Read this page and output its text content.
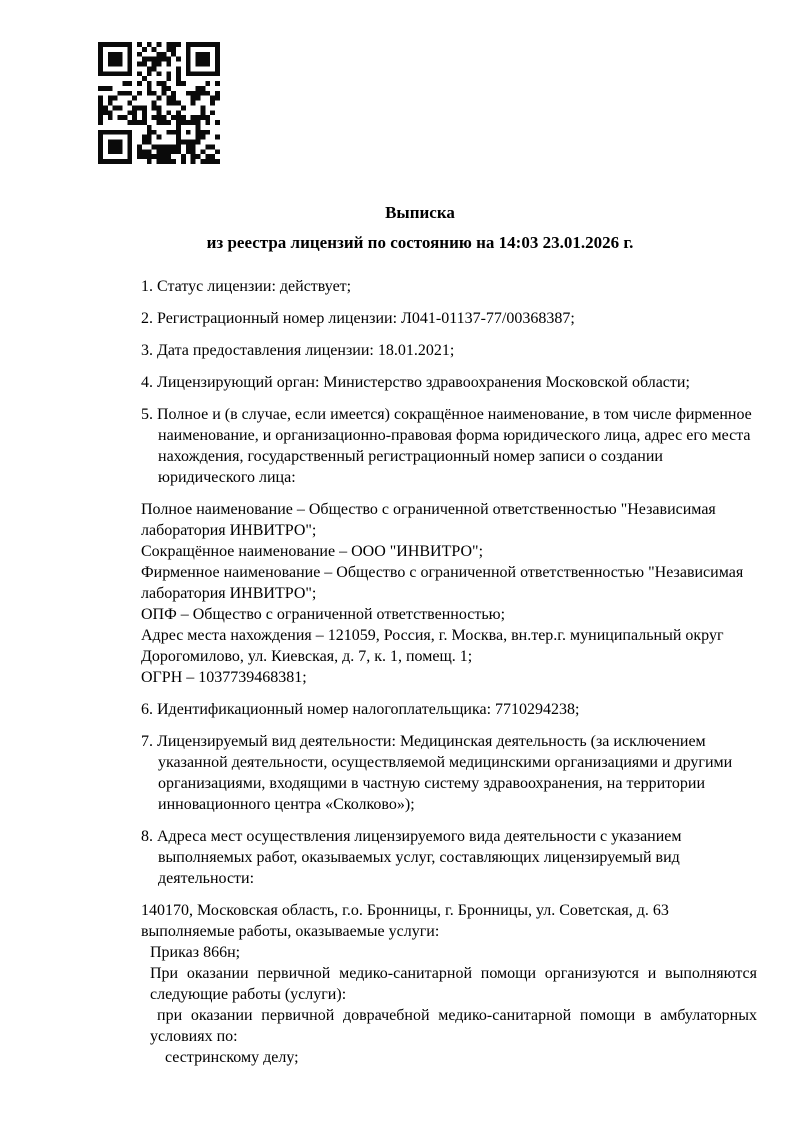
Выписка
из реестра лицензий по состоянию на 14:03 23.01.2026 г.
1. Статус лицензии: действует;
2. Регистрационный номер лицензии: Л041-01137-77/00368387;
3. Дата предоставления лицензии: 18.01.2021;
4. Лицензирующий орган: Министерство здравоохранения Московской области;
5. Полное и (в случае, если имеется) сокращённое наименование, в том числе фирменное
наименование, и организационно-правовая форма юридического лица, адрес его места
нахождения, государственный регистрационный номер записи о создании
юридического лица:
Полное наименование – Общество с ограниченной ответственностью "Независимая
лаборатория ИНВИТРО";
Сокращённое наименование – ООО "ИНВИТРО";
Фирменное наименование – Общество с ограниченной ответственностью "Независимая
лаборатория ИНВИТРО";
ОПФ – Общество с ограниченной ответственностью;
Адрес места нахождения – 121059, Россия, г. Москва, вн.тер.г. муниципальный округ
Дорогомилово, ул. Киевская, д. 7, к. 1, помещ. 1;
ОГРН – 1037739468381;
6. Идентификационный номер налогоплательщика: 7710294238;
7. Лицензируемый вид деятельности: Медицинская деятельность (за исключением
указанной деятельности, осуществляемой медицинскими организациями и другими
организациями, входящими в частную систему здравоохранения, на территории
инновационного центра «Сколково»);
8. Адреса мест осуществления лицензируемого вида деятельности с указанием
выполняемых работ, оказываемых услуг, составляющих лицензируемый вид
деятельности:
140170, Московская область, г.о. Бронницы, г. Бронницы, ул. Советская, д. 63
выполняемые работы, оказываемые услуги:
Приказ 866н;
При оказании первичной медико-санитарной помощи организуются и выполняются
следующие работы (услуги):
при оказании первичной доврачебной медико-санитарной помощи в амбулаторных
условиях по:
сестринскому делу;
